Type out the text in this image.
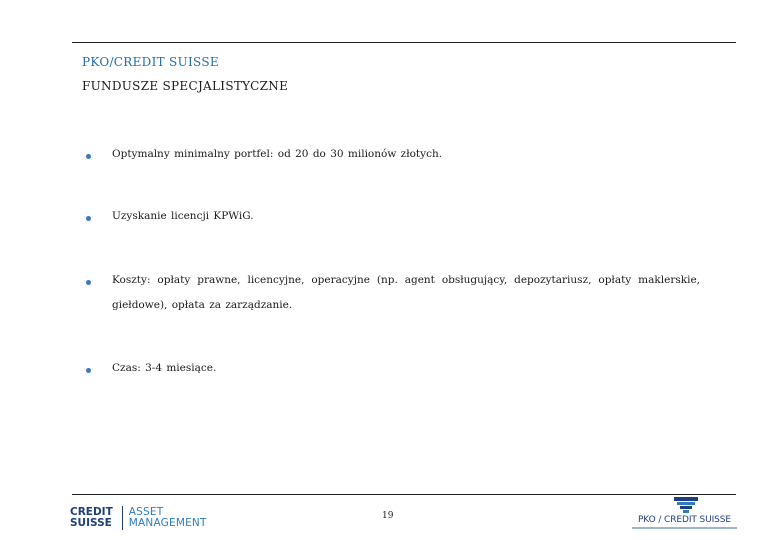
PKO/CREDIT SUISSE
FUNDUSZE SPECJALISTYCZNE
Optymalny minimalny portfel: od 20 do 30 milionów złotych.
Uzyskanie licencji KPWiG.
Koszty: opłaty prawne, licencyjne, operacyjne (np. agent obsługujący, depozytariusz, opłaty maklerskie, giełdowe), opłata za zarządzanie.
Czas: 3-4 miesiące.
19
CREDIT
SUISSE
ASSET
MANAGEMENT	PKO / CREDIT SUISSE
